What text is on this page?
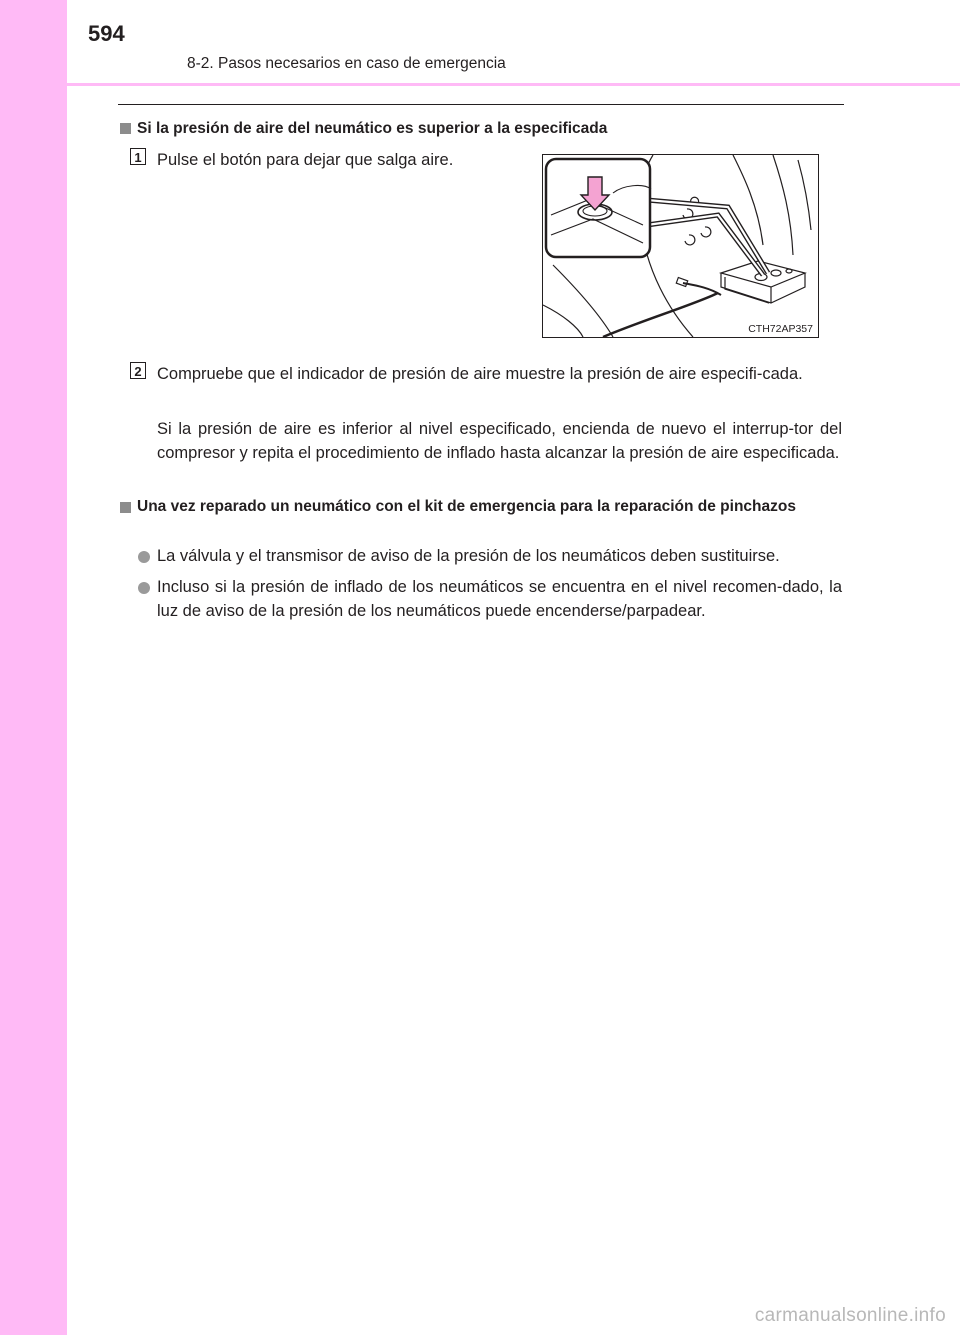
594
8-2. Pasos necesarios en caso de emergencia
Si la presión de aire del neumático es superior a la especificada
1 Pulse el botón para dejar que salga aire.
CTH72AP357
2 Compruebe que el indicador de presión de aire muestre la presión de aire especifi-cada.
Si la presión de aire es inferior al nivel especificado, encienda de nuevo el interrup-tor del compresor y repita el procedimiento de inflado hasta alcanzar la presión de aire especificada.
Una vez reparado un neumático con el kit de emergencia para la reparación de pinchazos
La válvula y el transmisor de aviso de la presión de los neumáticos deben sustituirse.
Incluso si la presión de inflado de los neumáticos se encuentra en el nivel recomen-dado, la luz de aviso de la presión de los neumáticos puede encenderse/parpadear.
carmanualsonline.info
